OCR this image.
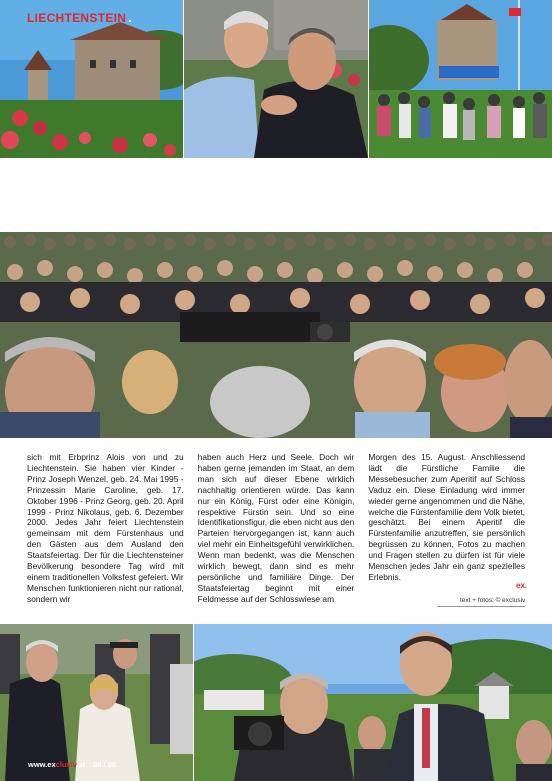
LIECHTENSTEIN .

sich mit Erbprinz Alois von und zu Liechtenstein. Sie haben vier Kinder - Prinz Joseph Wenzel, geb. 24. Mai 1995 - Prinzessin Marie Caroline, geb. 17. Oktober 1996 - Prinz Georg, geb. 20. April 1999 - Prinz Nikolaus, geb. 6. Dezember 2000. Jedes Jahr feiert Liechtenstein gemeinsam mit dem Fürstenhaus und den Gästen aus dem Ausland den Staatsfeiertag. Der für die Liechtensteiner Bevölkerung besondere Tag wird mit einem traditionellen Volksfest gefeiert. Wir Menschen funktionieren nicht nur rational, sondern wir

haben auch Herz und Seele. Doch wir haben gerne jemanden im Staat, an dem man sich auf dieser Ebene wirklich nachhaltig orientieren würde. Das kann nur ein König, Fürst oder eine Königin, respektive Fürstin sein. Und so eine Identifikationsfigur, die eben nicht aus den Parteien hervorgegangen ist, kann auch viel mehr ein Einheitsgefühl verwirklichen. Wenn man bedenkt, was die Menschen wirklich bewegt, dann sind es mehr persönliche und familiäre Dinge. Der Staatsfeiertag beginnt mit einer Feldmesse auf der Schlosswiese am

Morgen des 15. August. Anschliessend lädt die Fürstliche Familie die Messebesucher zum Aperitif auf Schloss Vaduz ein. Diese Einladung wird immer wieder gerne angenommen und die Nähe, welche die Fürstenfamilie dem Volk bietet, geschätzt. Bei einem Aperitif die Fürstenfamilie anzutreffen, sie persönlich begrüssen zu können, Fotos zu machen und Fragen stellen zu dürfen ist für viele Menschen jedes Jahr ein ganz spezielles Erlebnis.

ex.
text + fotos: © exclusiv
www.exclusiv.at 08 / 05
